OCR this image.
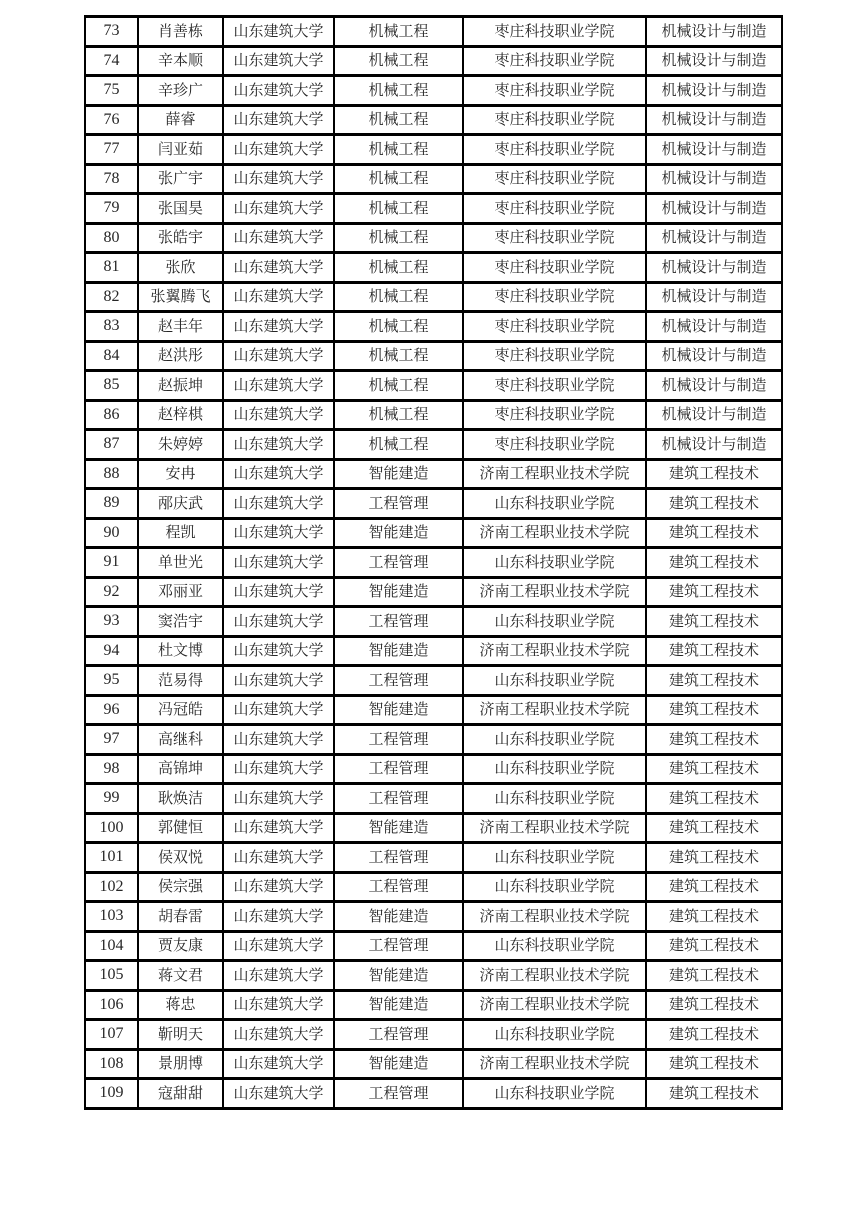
73	肖善栋	山东建筑大学	机械工程	枣庄科技职业学院	机械设计与制造
74	辛本顺	山东建筑大学	机械工程	枣庄科技职业学院	机械设计与制造
75	辛珍广	山东建筑大学	机械工程	枣庄科技职业学院	机械设计与制造
76	薛睿	山东建筑大学	机械工程	枣庄科技职业学院	机械设计与制造
77	闫亚茹	山东建筑大学	机械工程	枣庄科技职业学院	机械设计与制造
78	张广宇	山东建筑大学	机械工程	枣庄科技职业学院	机械设计与制造
79	张国昊	山东建筑大学	机械工程	枣庄科技职业学院	机械设计与制造
80	张皓宇	山东建筑大学	机械工程	枣庄科技职业学院	机械设计与制造
81	张欣	山东建筑大学	机械工程	枣庄科技职业学院	机械设计与制造
82	张翼腾飞	山东建筑大学	机械工程	枣庄科技职业学院	机械设计与制造
83	赵丰年	山东建筑大学	机械工程	枣庄科技职业学院	机械设计与制造
84	赵洪彤	山东建筑大学	机械工程	枣庄科技职业学院	机械设计与制造
85	赵振坤	山东建筑大学	机械工程	枣庄科技职业学院	机械设计与制造
86	赵梓棋	山东建筑大学	机械工程	枣庄科技职业学院	机械设计与制造
87	朱婷婷	山东建筑大学	机械工程	枣庄科技职业学院	机械设计与制造
88	安冉	山东建筑大学	智能建造	济南工程职业技术学院	建筑工程技术
89	邴庆武	山东建筑大学	工程管理	山东科技职业学院	建筑工程技术
90	程凯	山东建筑大学	智能建造	济南工程职业技术学院	建筑工程技术
91	单世光	山东建筑大学	工程管理	山东科技职业学院	建筑工程技术
92	邓丽亚	山东建筑大学	智能建造	济南工程职业技术学院	建筑工程技术
93	窦浩宇	山东建筑大学	工程管理	山东科技职业学院	建筑工程技术
94	杜文博	山东建筑大学	智能建造	济南工程职业技术学院	建筑工程技术
95	范易得	山东建筑大学	工程管理	山东科技职业学院	建筑工程技术
96	冯冠皓	山东建筑大学	智能建造	济南工程职业技术学院	建筑工程技术
97	高继科	山东建筑大学	工程管理	山东科技职业学院	建筑工程技术
98	高锦坤	山东建筑大学	工程管理	山东科技职业学院	建筑工程技术
99	耿焕洁	山东建筑大学	工程管理	山东科技职业学院	建筑工程技术
100	郭健恒	山东建筑大学	智能建造	济南工程职业技术学院	建筑工程技术
101	侯双悦	山东建筑大学	工程管理	山东科技职业学院	建筑工程技术
102	侯宗强	山东建筑大学	工程管理	山东科技职业学院	建筑工程技术
103	胡春雷	山东建筑大学	智能建造	济南工程职业技术学院	建筑工程技术
104	贾友康	山东建筑大学	工程管理	山东科技职业学院	建筑工程技术
105	蒋文君	山东建筑大学	智能建造	济南工程职业技术学院	建筑工程技术
106	蒋忠	山东建筑大学	智能建造	济南工程职业技术学院	建筑工程技术
107	靳明天	山东建筑大学	工程管理	山东科技职业学院	建筑工程技术
108	景朋博	山东建筑大学	智能建造	济南工程职业技术学院	建筑工程技术
109	寇甜甜	山东建筑大学	工程管理	山东科技职业学院	建筑工程技术
